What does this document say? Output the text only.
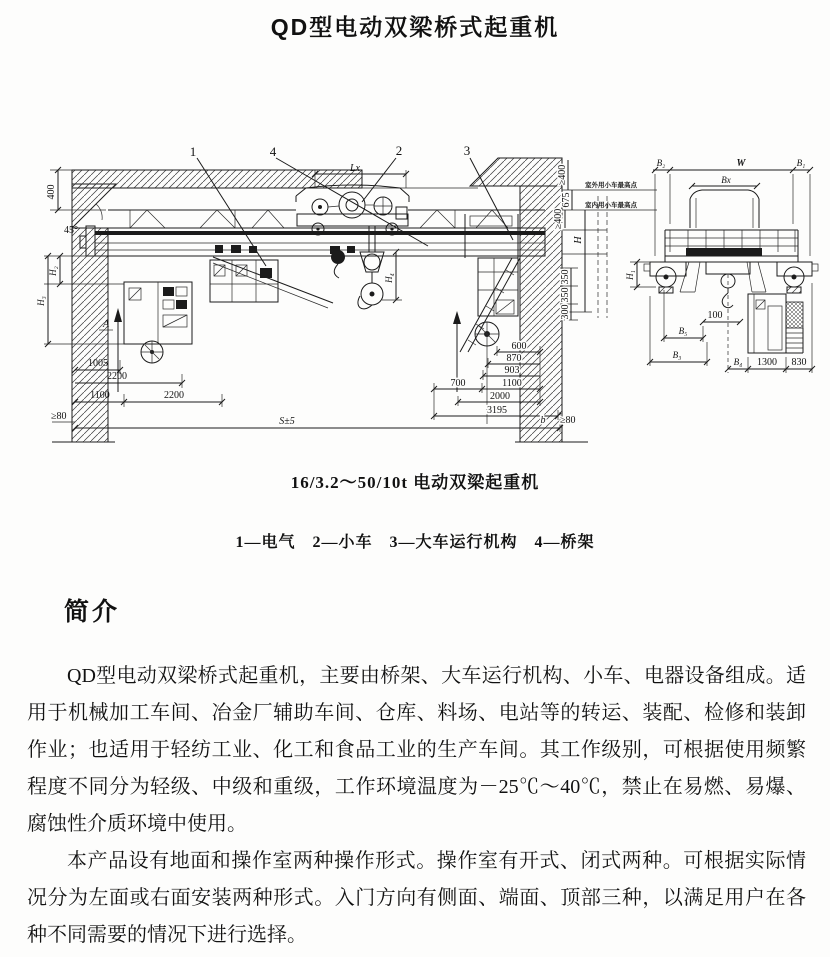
QD型电动双梁桥式起重机
1	4	2	3
400
45°
H₂
H₃
A
1005
2200
1100	2200
≥80	S±5
Lx
H₄
室外用小车最高点
室内用小车最高点
≥400
675
≥400
H
350
350
300
600
870
903
700	1100
2000
3195
b ≥80
B₂	W	B₁
Bx
100
H₁
B₅
B₃
B₄ 1300 830
16/3.2～50/10t 电动双梁起重机
1—电气　2—小车　3—大车运行机构　4—桥架
简介

QD型电动双梁桥式起重机，主要由桥架、大车运行机构、小车、电器设备组成。适用于机械加工车间、冶金厂辅助车间、仓库、料场、电站等的转运、装配、检修和装卸作业；也适用于轻纺工业、化工和食品工业的生产车间。其工作级别，可根据使用频繁程度不同分为轻级、中级和重级，工作环境温度为－25℃～40℃，禁止在易燃、易爆、腐蚀性介质环境中使用。

本产品设有地面和操作室两种操作形式。操作室有开式、闭式两种。可根据实际情况分为左面或右面安装两种形式。入门方向有侧面、端面、顶部三种，以满足用户在各种不同需要的情况下进行选择。
